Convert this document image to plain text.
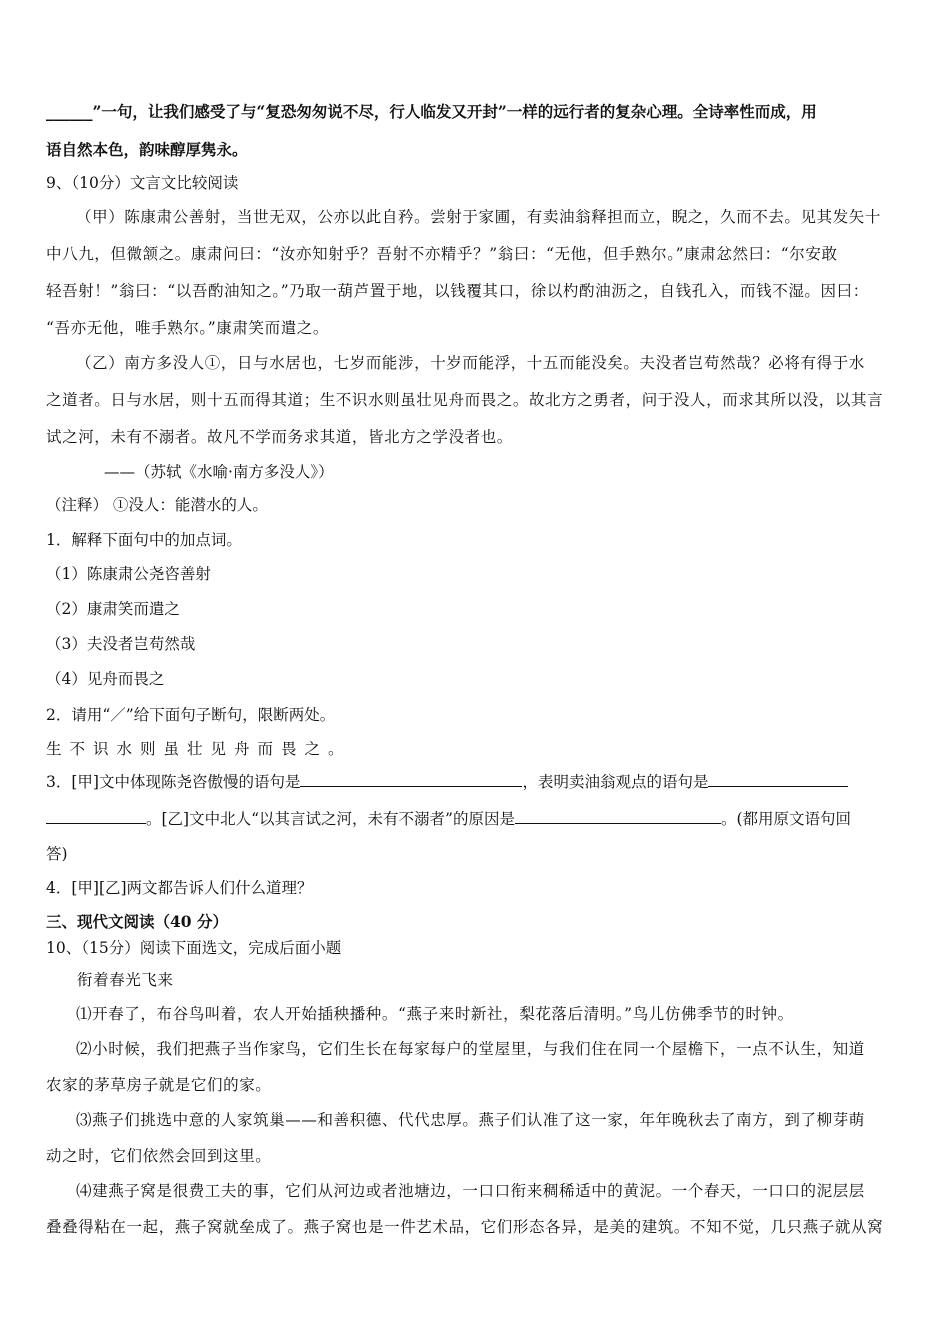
______”一句，让我们感受了与“复恐匆匆说不尽，行人临发又开封”一样的远行者的复杂心理。全诗率性而成，用
语自然本色，韵味醇厚隽永。
9、（10分）文言文比较阅读
（甲）陈康肃公善射，当世无双，公亦以此自矜。尝射于家圃，有卖油翁释担而立，睨之，久而不去。见其发矢十
中八九，但微颔之。康肃问曰：“汝亦知射乎？吾射不亦精乎？”翁曰：“无他，但手熟尔。”康肃忿然曰：“尔安敢
轻吾射！”翁曰：“以吾酌油知之。”乃取一葫芦置于地，以钱覆其口，徐以杓酌油沥之，自钱孔入，而钱不湿。因曰：
“吾亦无他，唯手熟尔。”康肃笑而遣之。
（乙）南方多没人①，日与水居也，七岁而能涉，十岁而能浮，十五而能没矣。夫没者岂苟然哉？必将有得于水
之道者。日与水居，则十五而得其道；生不识水则虽壮见舟而畏之。故北方之勇者，问于没人，而求其所以没，以其言
试之河，未有不溺者。故凡不学而务求其道，皆北方之学没者也。
——（苏轼《水喻·南方多没人》）
（注释） ①没人：能潜水的人。
1．解释下面句中的加点词。
（1）陈康肃公尧咨善射
（2）康肃笑而遣之
（3）夫没者岂苟然哉
（4）见舟而畏之
2．请用“／”给下面句子断句，限断两处。
生不识水则虽壮见舟而畏之。
3．[甲]文中体现陈尧咨傲慢的语句是	，表明卖油翁观点的语句是
。[乙]文中北人“以其言试之河，未有不溺者”的原因是	。(都用原文语句回
答)
4．[甲][乙]两文都告诉人们什么道理？
三、现代文阅读（40 分）
10、（15分）阅读下面选文，完成后面小题
衔着春光飞来
⑴开春了，布谷鸟叫着，农人开始插秧播种。“燕子来时新社，梨花落后清明。”鸟儿仿佛季节的时钟。
⑵小时候，我们把燕子当作家鸟，它们生长在每家每户的堂屋里，与我们住在同一个屋檐下，一点不认生，知道
农家的茅草房子就是它们的家。
⑶燕子们挑选中意的人家筑巢——和善积德、代代忠厚。燕子们认准了这一家，年年晚秋去了南方，到了柳芽萌
动之时，它们依然会回到这里。
⑷建燕子窝是很费工夫的事，它们从河边或者池塘边，一口口衔来稠稀适中的黄泥。一个春天，一口口的泥层层
叠叠得粘在一起，燕子窝就垒成了。燕子窝也是一件艺术品，它们形态各异，是美的建筑。不知不觉，几只燕子就从窝
